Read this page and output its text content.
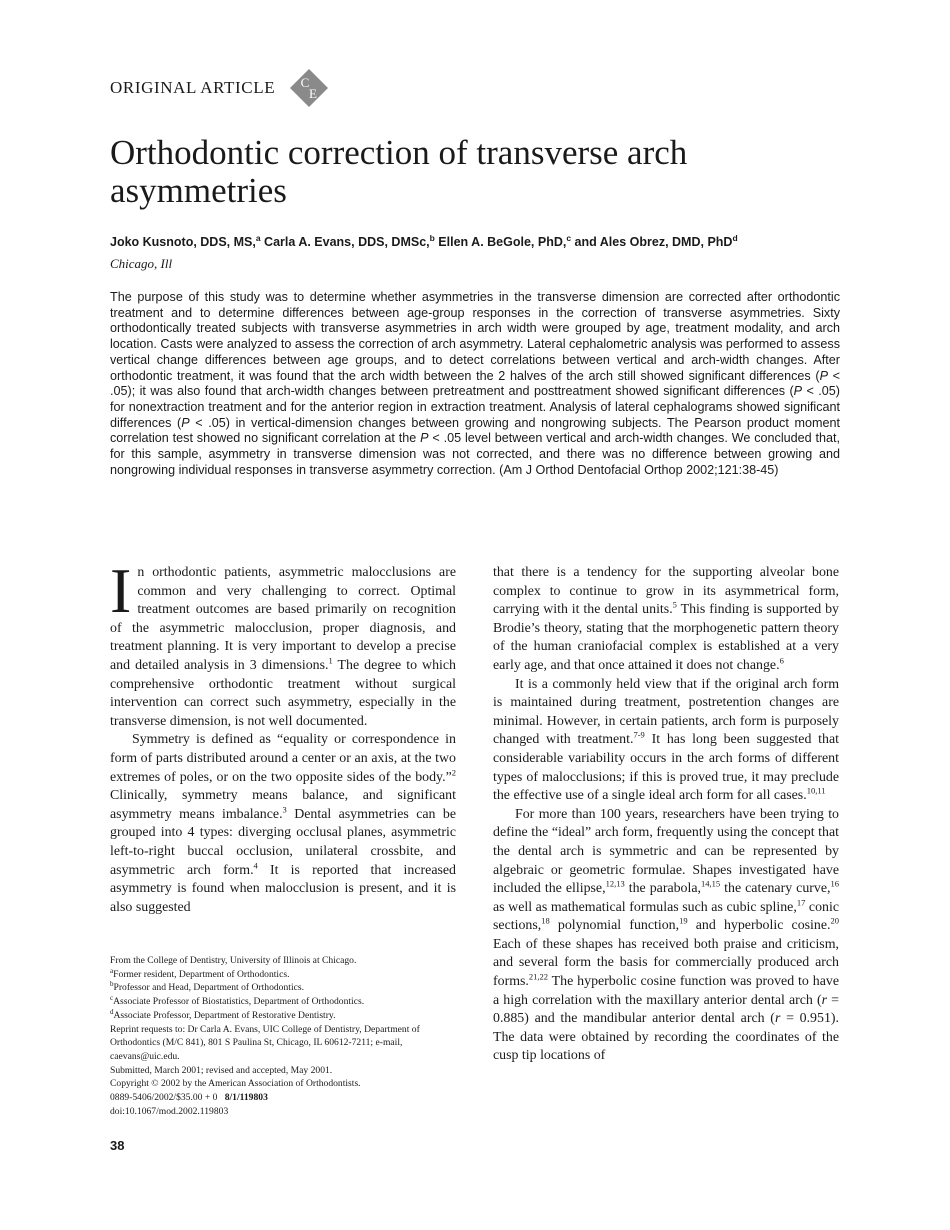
ORIGINAL ARTICLE C
E
Orthodontic correction of transverse arch asymmetries
Joko Kusnoto, DDS, MS,$^a$ Carla A. Evans, DDS, DMSc,$^b$ Ellen A. BeGole, PhD,$^c$ and Ales Obrez, DMD, PhD$^d$
Chicago, Ill

The purpose of this study was to determine whether asymmetries in the transverse dimension are corrected after orthodontic treatment and to determine differences between age-group responses in the correction of transverse asymmetries. Sixty orthodontically treated subjects with transverse asymmetries in arch width were grouped by age, treatment modality, and arch location. Casts were analyzed to assess the correction of arch asymmetry. Lateral cephalometric analysis was performed to assess vertical change differences between age groups, and to detect correlations between vertical and arch-width changes. After orthodontic treatment, it was found that the arch width between the 2 halves of the arch still showed significant differences (P < .05); it was also found that arch-width changes between pretreatment and posttreatment showed significant differences (P < .05) for nonextraction treatment and for the anterior region in extraction treatment. Analysis of lateral cephalograms showed significant differences (P < .05) in vertical-dimension changes between growing and nongrowing subjects. The Pearson product moment correlation test showed no significant correlation at the P < .05 level between vertical and arch-width changes. We concluded that, for this sample, asymmetry in transverse dimension was not corrected, and there was no difference between growing and nongrowing individual responses in transverse asymmetry correction. (Am J Orthod Dentofacial Orthop 2002;121:38-45)

In orthodontic patients, asymmetric malocclusions are common and very challenging to correct. Optimal treatment outcomes are based primarily on recognition of the asymmetric malocclusion, proper diagnosis, and treatment planning. It is very important to develop a precise and detailed analysis in 3 dimensions.$^1$ The degree to which comprehensive orthodontic treatment without surgical intervention can correct such asymmetry, especially in the transverse dimension, is not well documented.

Symmetry is defined as “equality or correspondence in form of parts distributed around a center or an axis, at the two extremes of poles, or on the two opposite sides of the body.”$^2$ Clinically, symmetry means balance, and significant asymmetry means imbalance.$^3$ Dental asymmetries can be grouped into 4 types: diverging occlusal planes, asymmetric left-to-right buccal occlusion, unilateral crossbite, and asymmetric arch form.$^4$ It is reported that increased asymmetry is found when malocclusion is present, and it is also suggested

that there is a tendency for the supporting alveolar bone complex to continue to grow in its asymmetrical form, carrying with it the dental units.$^5$ This finding is supported by Brodie’s theory, stating that the morphogenetic pattern theory of the human craniofacial complex is established at a very early age, and that once attained it does not change.$^6$

It is a commonly held view that if the original arch form is maintained during treatment, postretention changes are minimal. However, in certain patients, arch form is purposely changed with treatment.$^{7-9}$ It has long been suggested that considerable variability occurs in the arch forms of different types of malocclusions; if this is proved true, it may preclude the effective use of a single ideal arch form for all cases.$^{10,11}$

For more than 100 years, researchers have been trying to define the “ideal” arch form, frequently using the concept that the dental arch is symmetric and can be represented by algebraic or geometric formulae. Shapes investigated have included the ellipse,$^{12,13}$ the parabola,$^{14,15}$ the catenary curve,$^{16}$ as well as mathematical formulas such as cubic spline,$^{17}$ conic sections,$^{18}$ polynomial function,$^{19}$ and hyperbolic cosine.$^{20}$ Each of these shapes has received both praise and criticism, and several form the basis for commercially produced arch forms.$^{21,22}$ The hyperbolic cosine function was proved to have a high correlation with the maxillary anterior dental arch (r = 0.885) and the mandibular anterior dental arch (r = 0.951). The data were obtained by recording the coordinates of the cusp tip locations of

From the College of Dentistry, University of Illinois at Chicago.
$^a$Former resident, Department of Orthodontics.
$^b$Professor and Head, Department of Orthodontics.
$^c$Associate Professor of Biostatistics, Department of Orthodontics.
$^d$Associate Professor, Department of Restorative Dentistry.
Reprint requests to: Dr Carla A. Evans, UIC College of Dentistry, Department of Orthodontics (M/C 841), 801 S Paulina St, Chicago, IL 60612-7211; e-mail, caevans@uic.edu.
Submitted, March 2001; revised and accepted, May 2001.
Copyright © 2002 by the American Association of Orthodontists.
0889-5406/2002/$35.00 + 0 8/1/119803
doi:10.1067/mod.2002.119803
38
